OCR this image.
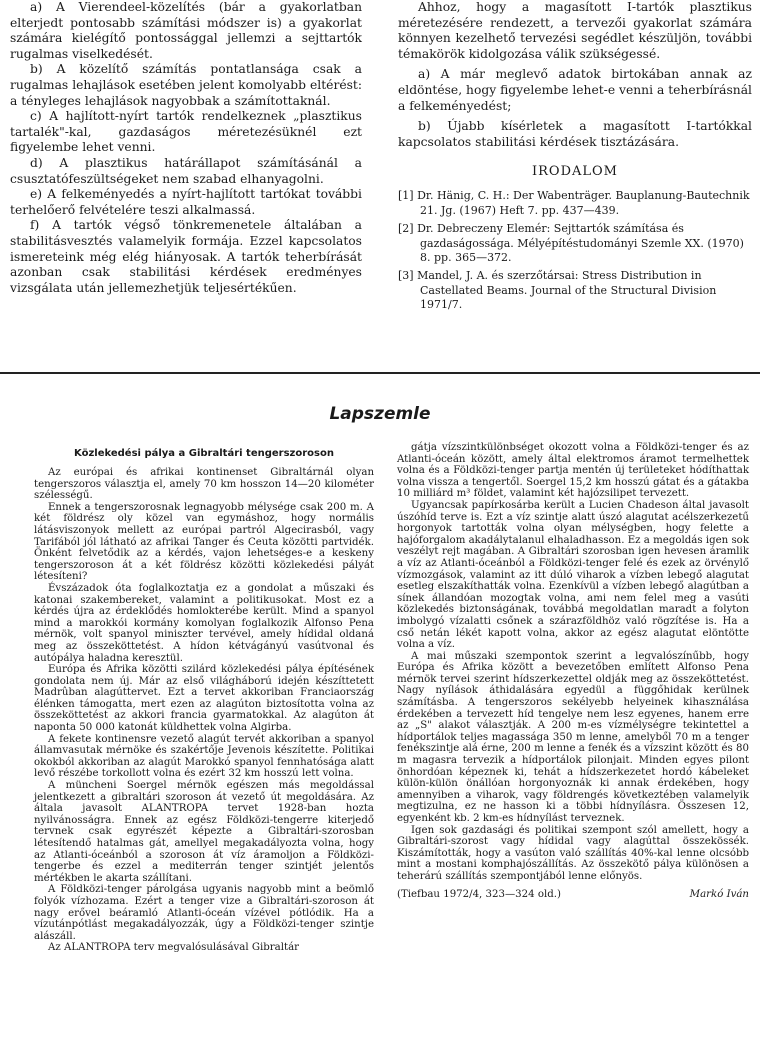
a) A Vierendeel-közelítés (bár a gyakorlatban elterjedt pontosabb számítási módszer is) a gyakorlat számára kielégítő pontossággal jellemzi a sejttartók rugalmas viselkedését.

b) A közelítő számítás pontatlansága csak a rugalmas lehajlások esetében jelent komolyabb eltérést: a tényleges lehajlások nagyobbak a számítottaknál.

c) A hajlított-nyírt tartók rendelkeznek „plasztikus tartalék"-kal, gazdaságos méretezésüknél ezt figyelembe lehet venni.

d) A plasztikus határállapot számításánál a csusztatófeszültségeket nem szabad elhanyagolni.

e) A felkeményedés a nyírt-hajlított tartókat további terhelőerő felvételére teszi alkalmassá.

f) A tartók végső tönkremenetele általában a stabilitásvesztés valamelyik formája. Ezzel kapcsolatos ismereteink még elég hiányosak. A tartók teherbírását azonban csak stabilitási kérdések eredményes vizsgálata után jellemezhetjük teljesértékűen.

Ahhoz, hogy a magasított I-tartók plasztikus méretezésére rendezett, a tervezői gyakorlat számára könnyen kezelhető tervezési segédlet készüljön, további témakörök kidolgozása válik szükségessé.

a) A már meglevő adatok birtokában annak az eldöntése, hogy figyelembe lehet-e venni a teherbírásnál a felkeményedést;

b) Újabb kísérletek a magasított I-tartókkal kapcsolatos stabilitási kérdések tisztázására.

IRODALOM

[1] Dr. Hänig, C. H.: Der Wabenträger. Bauplanung-Bautechnik 21. Jg. (1967) Heft 7. pp. 437—439.

[2] Dr. Debreczeny Elemér: Sejttartók számítása és gazdaságossága. Mélyépítéstudományi Szemle XX. (1970) 8. pp. 365—372.

[3] Mandel, J. A. és szerzőtársai: Stress Distribution in Castellated Beams. Journal of the Structural Division 1971/7.

Lapszemle
Közlekedési pálya a Gibraltári tengerszoroson

Az európai és afrikai kontinenset Gibraltárnál olyan tengerszoros választja el, amely 70 km hosszon 14—20 kilométer szélességű.

Ennek a tengerszorosnak legnagyobb mélysége csak 200 m. A két földrész oly közel van egymáshoz, hogy normális látásviszonyok mellett az európai partról Algecirasból, vagy Tarifából jól látható az afrikai Tanger és Ceuta közötti partvidék. Önként felvetődik az a kérdés, vajon lehetséges-e a keskeny tengerszoroson át a két földrész közötti közlekedési pályát létesíteni?

Évszázadok óta foglalkoztatja ez a gondolat a műszaki és katonai szakembereket, valamint a politikusokat. Most ez a kérdés újra az érdeklődés homlokterébe került. Mind a spanyol mind a marokkói kormány komolyan foglalkozik Alfonso Pena mérnök, volt spanyol miniszter tervével, amely hídidal oldaná meg az összeköttetést. A hídon kétvágányú vasútvonal és autópálya haladna keresztül.

Európa és Afrika közötti szilárd közlekedési pálya építésének gondolata nem új. Már az első világháború idején készíttetett Madrûban alagúttervet. Ezt a tervet akkoriban Franciaország élénken támogatta, mert ezen az alagúton biztosította volna az összeköttetést az akkori francia gyarmatokkal. Az alagúton át naponta 50 000 katonát küldhettek volna Algirba.

A fekete kontinensre vezető alagút tervét akkoriban a spanyol államvasutak mérnöke és szakértője Jevenois készítette. Politikai okokból akkoriban az alagút Marokkó spanyol fennhatósága alatt levő részébe torkollott volna és ezért 32 km hosszú lett volna.

A müncheni Soergel mérnök egészen más megoldással jelentkezett a gibraltári szoroson át vezető út megoldására. Az általa javasolt ALANTROPA tervet 1928-ban hozta nyilvánosságra. Ennek az egész Földközi-tengerre kiterjedő tervnek csak egyrészét képezte a Gibraltári-szorosban létesítendő hatalmas gát, amellyel megakadályozta volna, hogy az Atlanti-óceánból a szoroson át víz áramoljon a Földközi-tengerbe és ezzel a mediterrán tenger szintjét jelentős mértékben le akarta szállítani.

A Földközi-tenger párolgása ugyanis nagyobb mint a beömlő folyók vízhozama. Ezért a tenger vize a Gibraltári-szoroson át nagy erővel beáramló Atlanti-óceán vízével pótlódik. Ha a vízutánpótlást megakadályozzák, úgy a Földközi-tenger szintje alászáll.

Az ALANTROPA terv megvalósulásával Gibraltár

gátja vízszintkülönbséget okozott volna a Földközi-tenger és az Atlanti-óceán között, amely által elektromos áramot termelhettek volna és a Földközi-tenger partja mentén új területeket hódíthattak volna vissza a tengertől. Soergel 15,2 km hosszú gátat és a gátakba 10 milliárd m³ földet, valamint két hajózsilipet tervezett.

Ugyancsak papírkosárba került a Lucien Chadeson által javasolt úszóhíd terve is. Ezt a víz szintje alatt úszó alagutat acélszerkezetű horgonyok tartották volna olyan mélységben, hogy felette a hajóforgalom akadálytalanul elhaladhasson. Ez a megoldás igen sok veszélyt rejt magában. A Gibraltári szorosban igen hevesen áramlik a víz az Atlanti-óceánból a Földközi-tenger felé és ezek az örvénylő vízmozgások, valamint az itt dúló viharok a vízben lebegő alagutat esetleg elszakíthatták volna. Ezenkívül a vízben lebegő alagútban a sínek állandóan mozogtak volna, ami nem felel meg a vasúti közlekedés biztonságának, továbbá megoldatlan maradt a folyton imbolygó vízalatti csőnek a szárazföldhöz való rögzítése is. Ha a cső netán lékét kapott volna, akkor az egész alagutat elöntötte volna a víz.

A mai műszaki szempontok szerint a legvalószínűbb, hogy Európa és Afrika között a bevezetőben említett Alfonso Pena mérnök tervei szerint hídszerkezettel oldják meg az összeköttetést. Nagy nyílások áthidalására egyedül a függőhidak kerülnek számításba. A tengerszoros sekélyebb helyeinek kihasználása érdekében a tervezett híd tengelye nem lesz egyenes, hanem erre az „S" alakot választják. A 200 m-es vízmélységre tekintettel a hídportálok teljes magassága 350 m lenne, amelyből 70 m a tenger fenékszintje alá érne, 200 m lenne a fenék és a vízszint között és 80 m magasra tervezik a hídportálok pilonjait. Minden egyes pilont önhordóan képeznek ki, tehát a hídszerkezetet hordó kábeleket külön-külön önállóan horgonyoznák ki annak érdekében, hogy amennyiben a viharok, vagy földrengés következtében valamelyik megtizulna, ez ne hasson ki a többi hídnyílásra. Összesen 12, egyenként kb. 2 km-es hídnyílást terveznek.

Igen sok gazdasági és politikai szempont szól amellett, hogy a Gibraltári-szorost vagy hídidal vagy alagúttal összekössék. Kiszámították, hogy a vasúton való szállítás 40%-kal lenne olcsóbb mint a mostani komphajószállítás. Az összekötő pálya különösen a teherárú szállítás szempontjából lenne előnyös.

(Tiefbau 1972/4, 323—324 old.)	Markó Iván
